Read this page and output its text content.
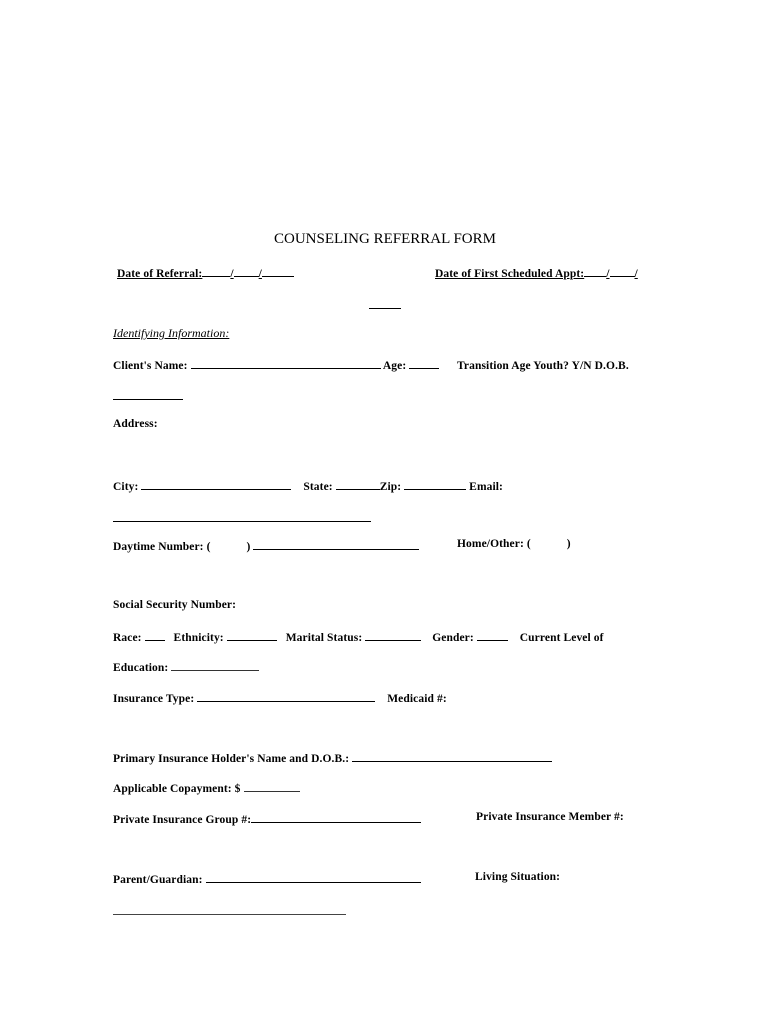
COUNSELING REFERRAL FORM
Date of Referral: / /	Date of First Scheduled Appt: / /
Identifying Information:
Client's Name:	Age:	Transition Age Youth? Y/N D.O.B.
Address:
City:	State:	Zip:	Email:
Daytime Number: (	)	Home/Other: (	)
Social Security Number:
Race:	Ethnicity:	Marital Status:	Gender:	Current Level of
Education:
Insurance Type:	Medicaid #:
Primary Insurance Holder's Name and D.O.B.:
Applicable Copayment: $
Private Insurance Group #:	Private Insurance Member #:
Parent/Guardian:	Living Situation:
